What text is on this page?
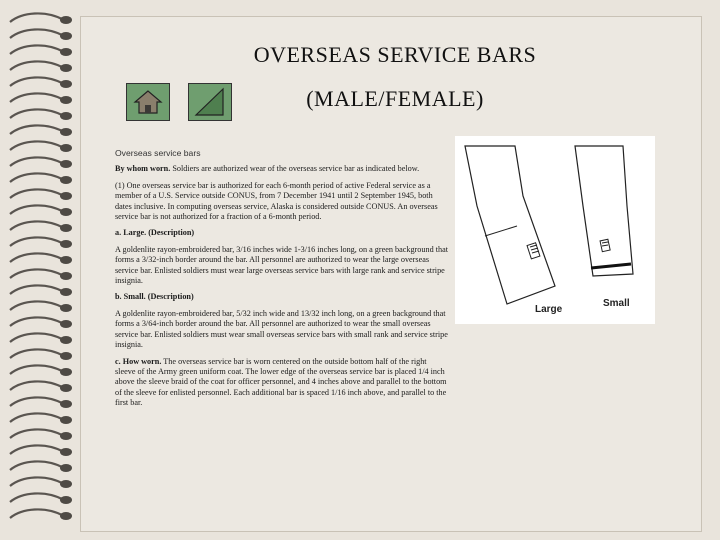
OVERSEAS SERVICE BARS
(MALE/FEMALE)
Overseas service bars

By whom worn. Soldiers are authorized wear of the overseas service bar as indicated below.

(1) One overseas service bar is authorized for each 6-month period of active Federal service as a member of a U.S. Service outside CONUS, from 7 December 1941 until 2 September 1945, both dates inclusive. In computing overseas service, Alaska is considered outside CONUS. An overseas service bar is not authorized for a fraction of a 6-month period.

a. Large. (Description)

A goldenlite rayon-embroidered bar, 3/16 inches wide 1-3/16 inches long, on a green background that forms a 3/32-inch border around the bar. All personnel are authorized to wear the large overseas service bar. Enlisted soldiers must wear large overseas service bars with large rank and service stripe insignia.

b. Small. (Description)

A goldenlite rayon-embroidered bar, 5/32 inch wide and 13/32 inch long, on a green background that forms a 3/64-inch border around the bar. All personnel are authorized to wear the small overseas service bar. Enlisted soldiers must wear small overseas service bars with small rank and service stripe insignia.

c. How worn. The overseas service bar is worn centered on the outside bottom half of the right sleeve of the Army green uniform coat. The lower edge of the overseas service bar is placed 1/4 inch above the sleeve braid of the coat for officer personnel, and 4 inches above and parallel to the bottom of the sleeve for enlisted personnel. Each additional bar is spaced 1/16 inch above, and parallel to the first bar.

Large
Small
